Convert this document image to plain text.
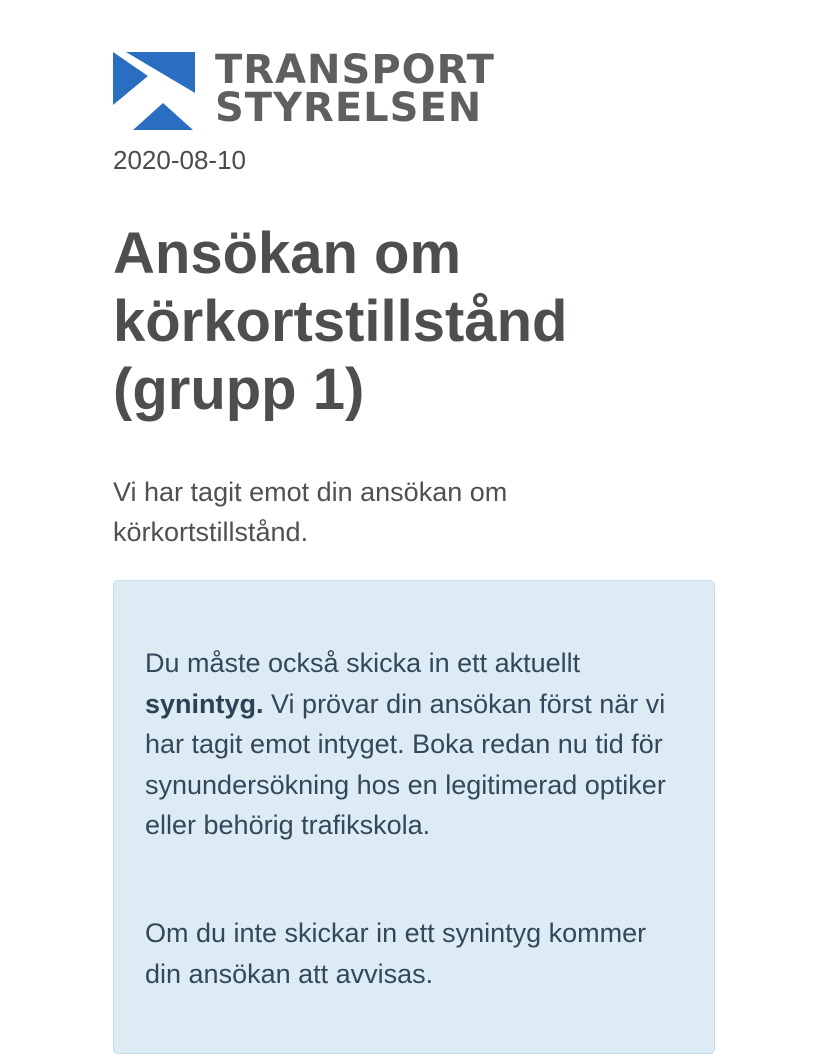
TRANSPORT
STYRELSEN
2020-08-10
Ansökan om körkortstillstånd (grupp 1)

Vi har tagit emot din ansökan om körkortstillstånd.

Du måste också skicka in ett aktuellt synintyg. Vi prövar din ansökan först när vi har tagit emot intyget. Boka redan nu tid för synundersökning hos en legitimerad optiker eller behörig trafikskola.

Om du inte skickar in ett synintyg kommer din ansökan att avvisas.
